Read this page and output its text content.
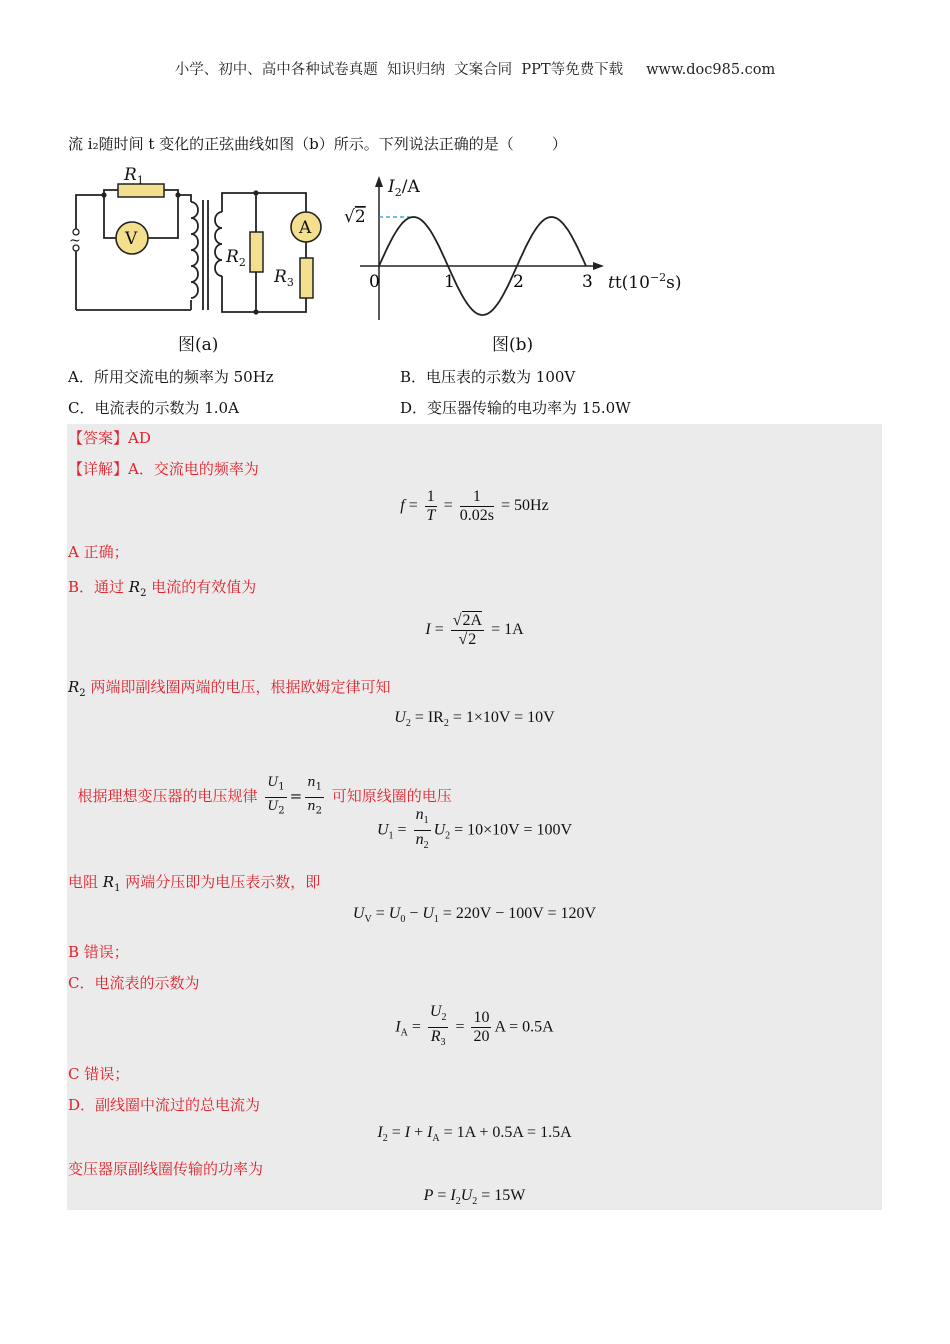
小学、初中、高中各种试卷真题  知识归纳  文案合同  PPT等免费下载     www.doc985.com
流 i₂随时间 t 变化的正弦曲线如图（b）所示。下列说法正确的是（        ）
~
$R_1$
V
$R_2$
A
$R_3$
图(a)
0	1	2	3
$I_2/A$
√2
$tt(10^{-2}s)$
图(b)
A．所用交流电的频率为 50Hz	B．电压表的示数为 100V
C．电流表的示数为 1.0A	D．变压器传输的电功率为 15.0W
【答案】AD
【详解】A．交流电的频率为
$f = \frac{1}{T} = \frac{1}{0.02s} = 50Hz$
A 正确；
B．通过 $R_2$ 电流的有效值为
$I = \frac{√2A}{√2} = 1A$
$R_2$ 两端即副线圈两端的电压，根据欧姆定律可知
$U_2 = IR_2 = 1\times 10V = 10V$

根据理想变压器的电压规律 $\frac{U_1}{U_2} = \frac{n_1}{n_2}$ 可知原线圈的电压

$U_1 = \frac{n_1}{n_2} U_2 = 10\times 10V = 100V$
电阻 $R_1$ 两端分压即为电压表示数，即
$U_V = U_0 - U_1 = 220V - 100V = 120V$
B 错误；
C．电流表的示数为
$I_A = \frac{U_2}{R_3} = \frac{10}{20}$ A = 0.5A
C 错误；
D．副线圈中流过的总电流为
$I_2 = I + I_A = 1A + 0.5A = 1.5A$
变压器原副线圈传输的功率为
$P = I_2U_2 = 15W$
